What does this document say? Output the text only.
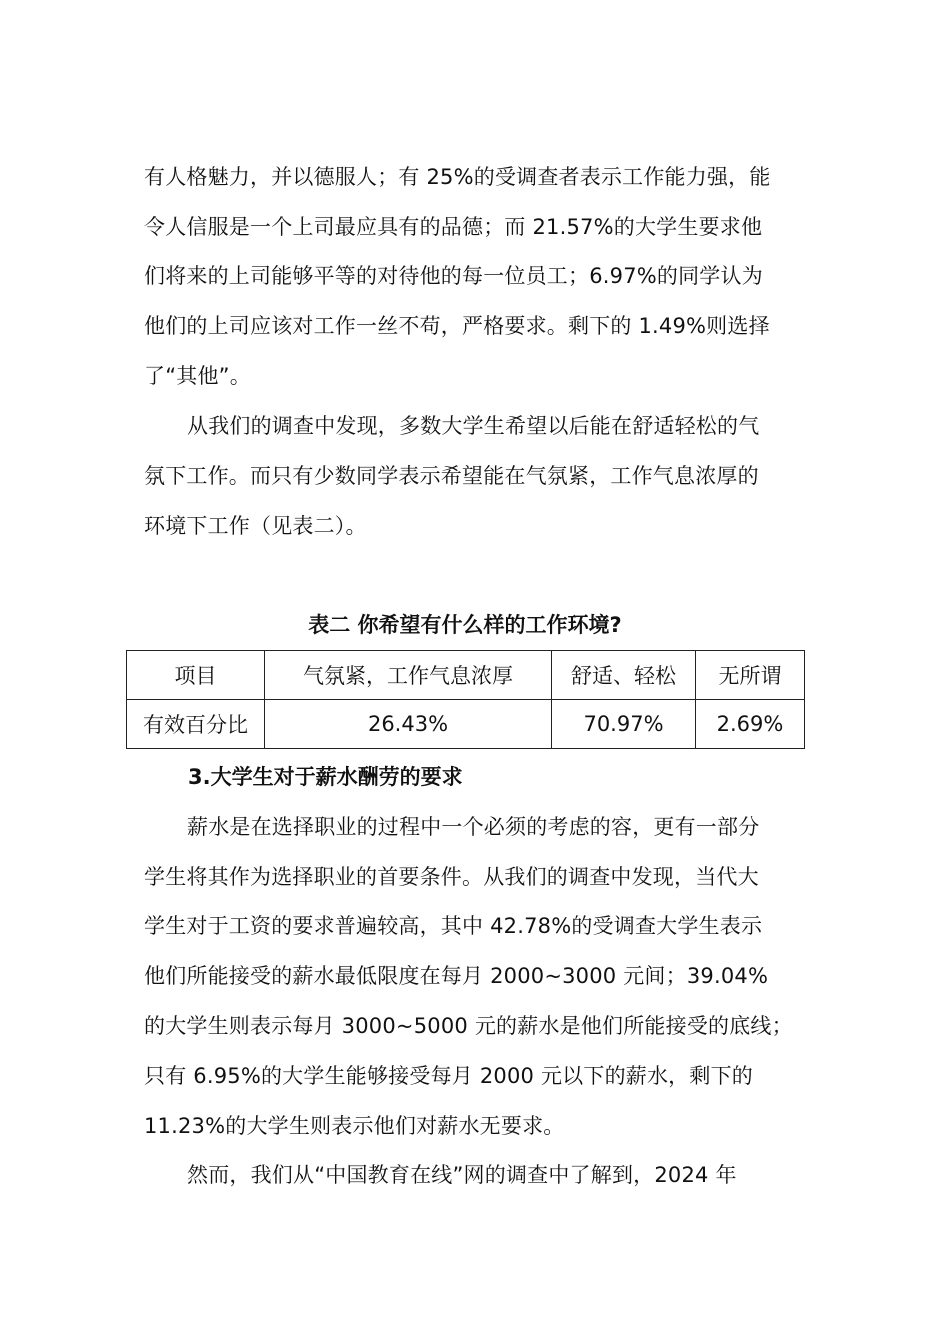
有人格魅力，并以德服人；有 25%的受调查者表示工作能力强，能
令人信服是一个上司最应具有的品德；而 21.57%的大学生要求他
们将来的上司能够平等的对待他的每一位员工；6.97%的同学认为
他们的上司应该对工作一丝不苟，严格要求。剩下的 1.49%则选择
了“其他”。
从我们的调查中发现，多数大学生希望以后能在舒适轻松的气
氛下工作。而只有少数同学表示希望能在气氛紧，工作气息浓厚的
环境下工作（见表二）。
表二 你希望有什么样的工作环境?
项目	气氛紧，工作气息浓厚	舒适、轻松	无所谓
有效百分比	26.43%	70.97%	2.69%
3.大学生对于薪水酬劳的要求
薪水是在选择职业的过程中一个必须的考虑的容，更有一部分
学生将其作为选择职业的首要条件。从我们的调查中发现，当代大
学生对于工资的要求普遍较高，其中 42.78%的受调查大学生表示
他们所能接受的薪水最低限度在每月 2000~3000 元间；39.04%
的大学生则表示每月 3000~5000 元的薪水是他们所能接受的底线；
只有 6.95%的大学生能够接受每月 2000 元以下的薪水，剩下的
11.23%的大学生则表示他们对薪水无要求。
然而，我们从“中国教育在线”网的调查中了解到，2024 年
